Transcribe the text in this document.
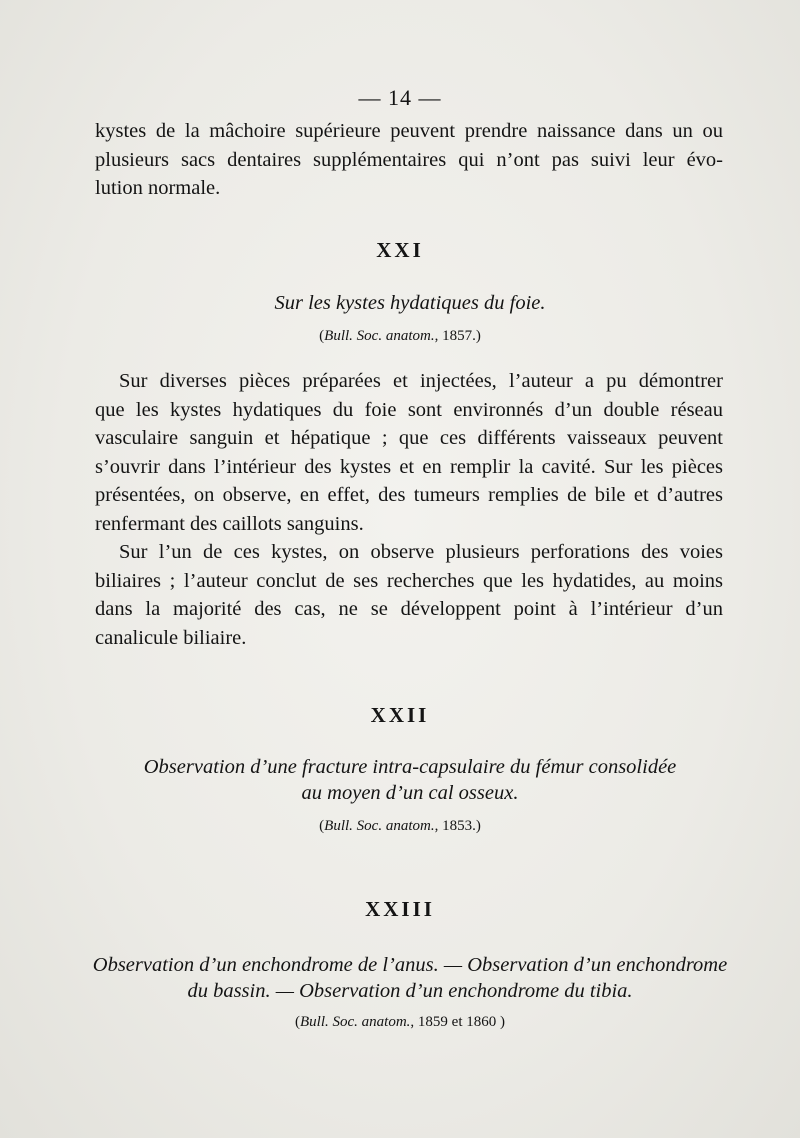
— 14 —

kystes de la mâchoire supérieure peuvent prendre naissance dans un ou
plusieurs sacs dentaires supplémentaires qui n’ont pas suivi leur évo-
lution normale.

XXI
Sur les kystes hydatiques du foie.
(Bull. Soc. anatom., 1857.)

Sur diverses pièces préparées et injectées, l’auteur a pu démontrer
que les kystes hydatiques du foie sont environnés d’un double réseau
vasculaire sanguin et hépatique ; que ces différents vaisseaux peuvent
s’ouvrir dans l’intérieur des kystes et en remplir la cavité. Sur les pièces
présentées, on observe, en effet, des tumeurs remplies de bile et d’autres
renfermant des caillots sanguins.

Sur l’un de ces kystes, on observe plusieurs perforations des voies
biliaires ; l’auteur conclut de ses recherches que les hydatides, au moins
dans la majorité des cas, ne se développent point à l’intérieur d’un
canalicule biliaire.

XXII
Observation d’une fracture intra-capsulaire du fémur consolidée
au moyen d’un cal osseux.
(Bull. Soc. anatom., 1853.)
XXIII
Observation d’un enchondrome de l’anus. — Observation d’un enchondrome
du bassin. — Observation d’un enchondrome du tibia.
(Bull. Soc. anatom., 1859 et 1860 )
